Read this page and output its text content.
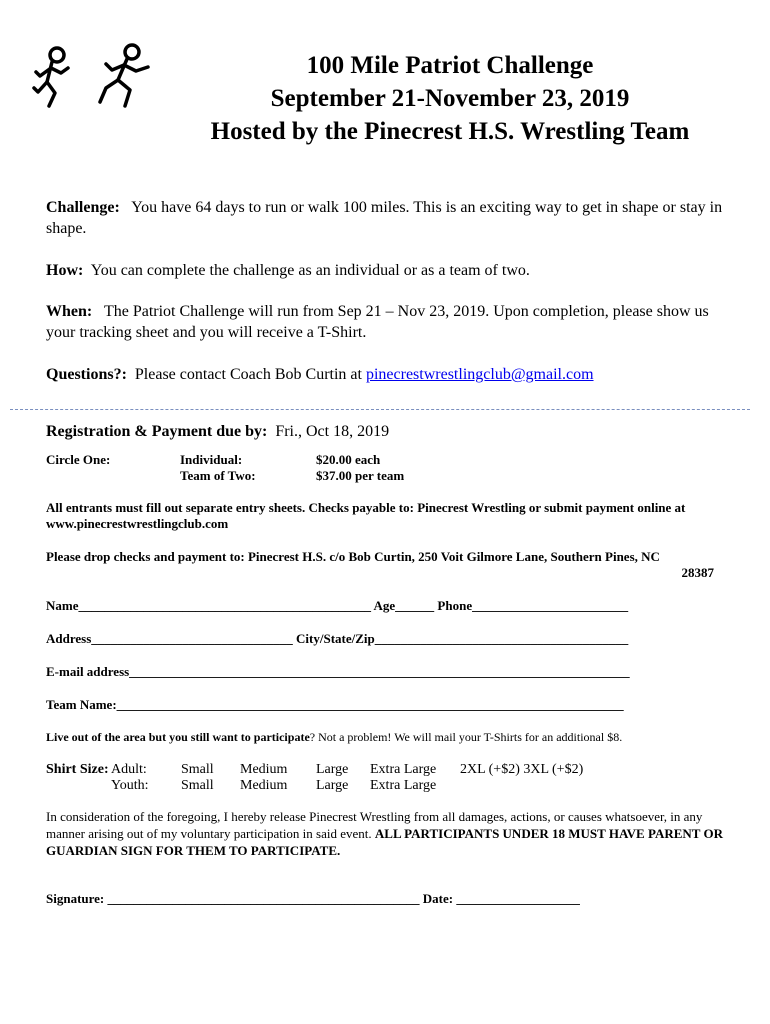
100 Mile Patriot Challenge
September 21-November 23, 2019
Hosted by the Pinecrest H.S. Wrestling Team
Challenge: You have 64 days to run or walk 100 miles. This is an exciting way to get in shape or stay in shape.
How: You can complete the challenge as an individual or as a team of two.
When: The Patriot Challenge will run from Sep 21 – Nov 23, 2019. Upon completion, please show us your tracking sheet and you will receive a T-Shirt.
Questions?: Please contact Coach Bob Curtin at pinecrestwrestlingclub@gmail.com
Registration & Payment due by: Fri., Oct 18, 2019
Circle One:	Individual:
Team of Two:
$20.00 each
$37.00 per team
All entrants must fill out separate entry sheets. Checks payable to: Pinecrest Wrestling or submit payment online at www.pinecrestwrestlingclub.com
Please drop checks and payment to: Pinecrest H.S. c/o Bob Curtin, 250 Voit Gilmore Lane, Southern Pines, NC
28387
Name_____________________________________________ Age______ Phone________________________
Address_______________________________ City/State/Zip_______________________________________
E-mail address_____________________________________________________________________________
Team Name:______________________________________________________________________________
Live out of the area but you still want to participate? Not a problem! We will mail your T-Shirts for an additional $8.
Shirt Size: Adult:
Youth:
Small
Small
Medium
Medium
Large
Large
Extra Large
Extra Large
2XL (+$2) 3XL (+$2)
In consideration of the foregoing, I hereby release Pinecrest Wrestling from all damages, actions, or causes whatsoever, in any manner arising out of my voluntary participation in said event. ALL PARTICIPANTS UNDER 18 MUST HAVE PARENT OR GUARDIAN SIGN FOR THEM TO PARTICIPATE.
Signature: ________________________________________________ Date: ___________________
